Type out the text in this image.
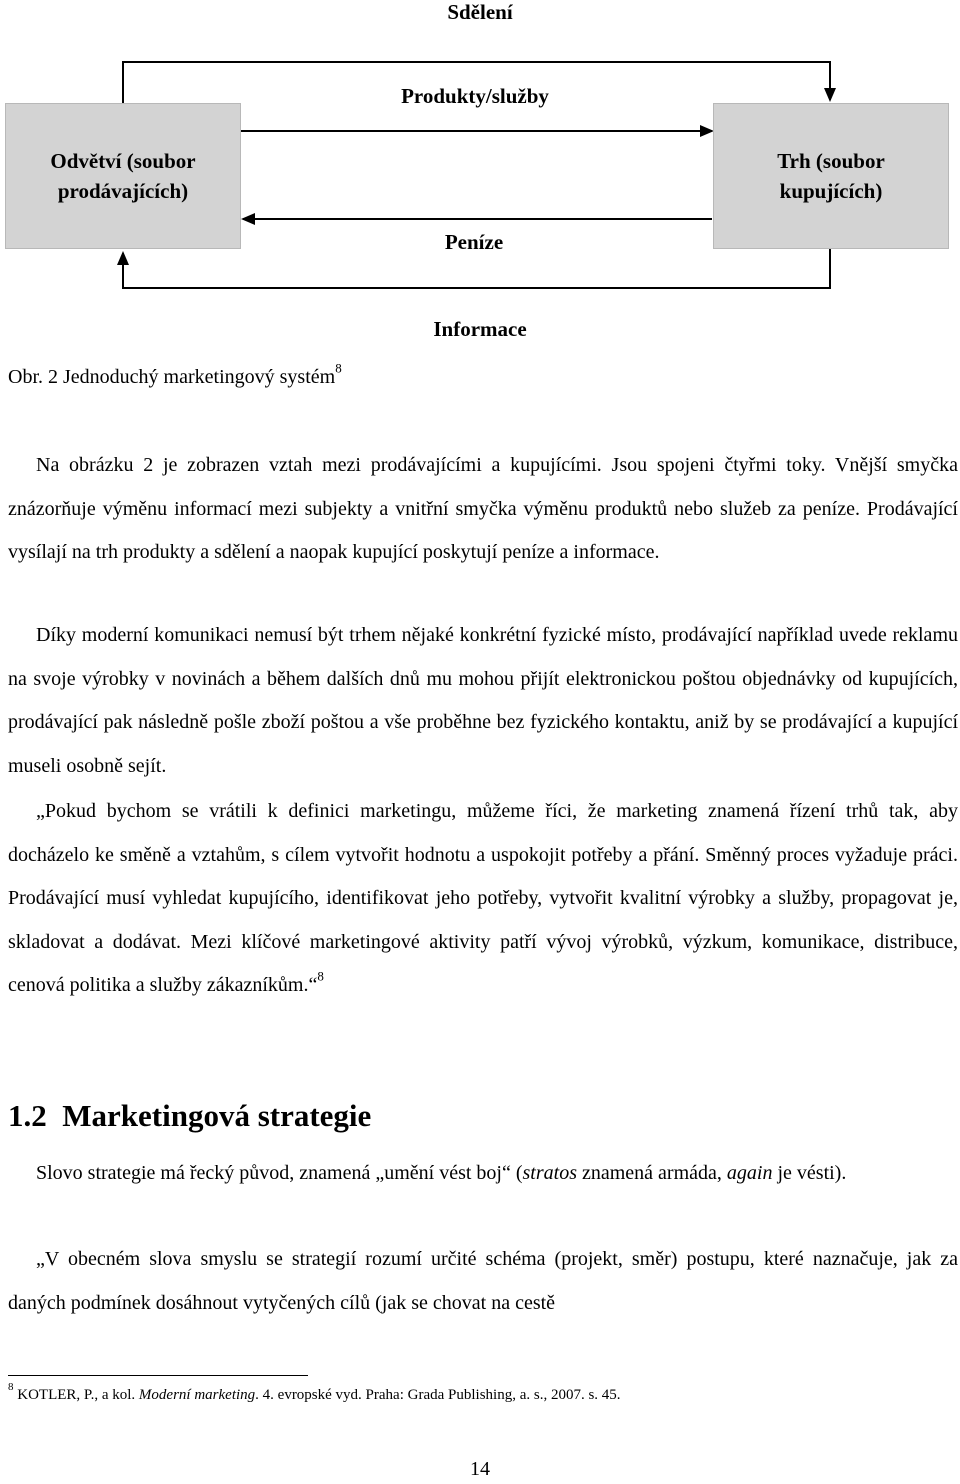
Sdělení
Produkty/služby
Peníze
Informace
Odvětví (soubor
prodávajících)
Trh (soubor
kupujících)
Obr. 2 Jednoduchý marketingový systém$^8$
Na obrázku 2 je zobrazen vztah mezi prodávajícími a kupujícími. Jsou spojeni čtyřmi toky. Vnější smyčka znázorňuje výměnu informací mezi subjekty a vnitřní smyčka výměnu produktů nebo služeb za peníze. Prodávající vysílají na trh produkty a sdělení a naopak kupující poskytují peníze a informace.
Díky moderní komunikaci nemusí být trhem nějaké konkrétní fyzické místo, prodávající například uvede reklamu na svoje výrobky v novinách a během dalších dnů mu mohou přijít elektronickou poštou objednávky od kupujících, prodávající pak následně pošle zboží poštou a vše proběhne bez fyzického kontaktu, aniž by se prodávající a kupující museli osobně sejít.
„Pokud bychom se vrátili k definici marketingu, můžeme říci, že marketing znamená řízení trhů tak, aby docházelo ke směně a vztahům, s cílem vytvořit hodnotu a uspokojit potřeby a přání. Směnný proces vyžaduje práci. Prodávající musí vyhledat kupujícího, identifikovat jeho potřeby, vytvořit kvalitní výrobky a služby, propagovat je, skladovat a dodávat. Mezi klíčové marketingové aktivity patří vývoj výrobků, výzkum, komunikace, distribuce, cenová politika a služby zákazníkům.“$^8$
1.2 Marketingová strategie
Slovo strategie má řecký původ, znamená „umění vést boj“ (stratos znamená armáda, again je vésti).
„V obecném slova smyslu se strategií rozumí určité schéma (projekt, směr) postupu, které naznačuje, jak za daných podmínek dosáhnout vytyčených cílů (jak se chovat na cestě
$^8$ KOTLER, P., a kol. Moderní marketing. 4. evropské vyd. Praha: Grada Publishing, a. s., 2007. s. 45.
14
